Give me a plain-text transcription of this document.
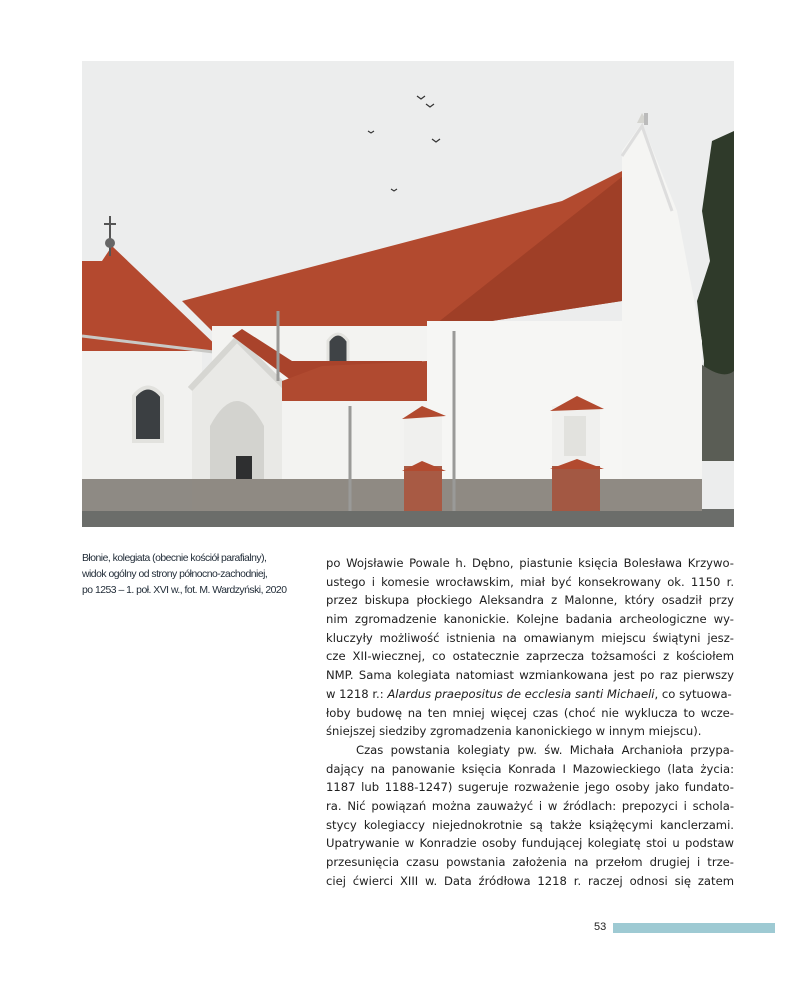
Błonie, kolegiata (obecnie kościół parafialny),
widok ogólny od strony północno-zachodniej,
po 1253 – 1. poł. XVI w., fot. M. Wardzyński, 2020
po Wojsławie Powale h. Dębno, piastunie księcia Bolesława Krzywo-
ustego i komesie wrocławskim, miał być konsekrowany ok. 1150 r.
przez biskupa płockiego Aleksandra z Malonne, który osadził przy
nim zgromadzenie kanonickie. Kolejne badania archeologiczne wy-
kluczyły możliwość istnienia na omawianym miejscu świątyni jesz-
cze XII-wiecznej, co ostatecznie zaprzecza tożsamości z kościołem
NMP. Sama kolegiata natomiast wzmiankowana jest po raz pierwszy
w 1218 r.: Alardus praepositus de ecclesia santi Michaeli, co sytuowa-
łoby budowę na ten mniej więcej czas (choć nie wyklucza to wcze-
śniejszej siedziby zgromadzenia kanonickiego w innym miejscu).
Czas powstania kolegiaty pw. św. Michała Archanioła przypa-
dający na panowanie księcia Konrada I Mazowieckiego (lata życia:
1187 lub 1188-1247) sugeruje rozważenie jego osoby jako fundato-
ra. Nić powiązań można zauważyć i w źródlach: prepozyci i schola-
stycy kolegiaccy niejednokrotnie są także książęcymi kanclerzami.
Upatrywanie w Konradzie osoby fundującej kolegiatę stoi u podstaw
przesunięcia czasu powstania założenia na przełom drugiej i trze-
ciej ćwierci XIII w. Data źródłowa 1218 r. raczej odnosi się zatem
53
